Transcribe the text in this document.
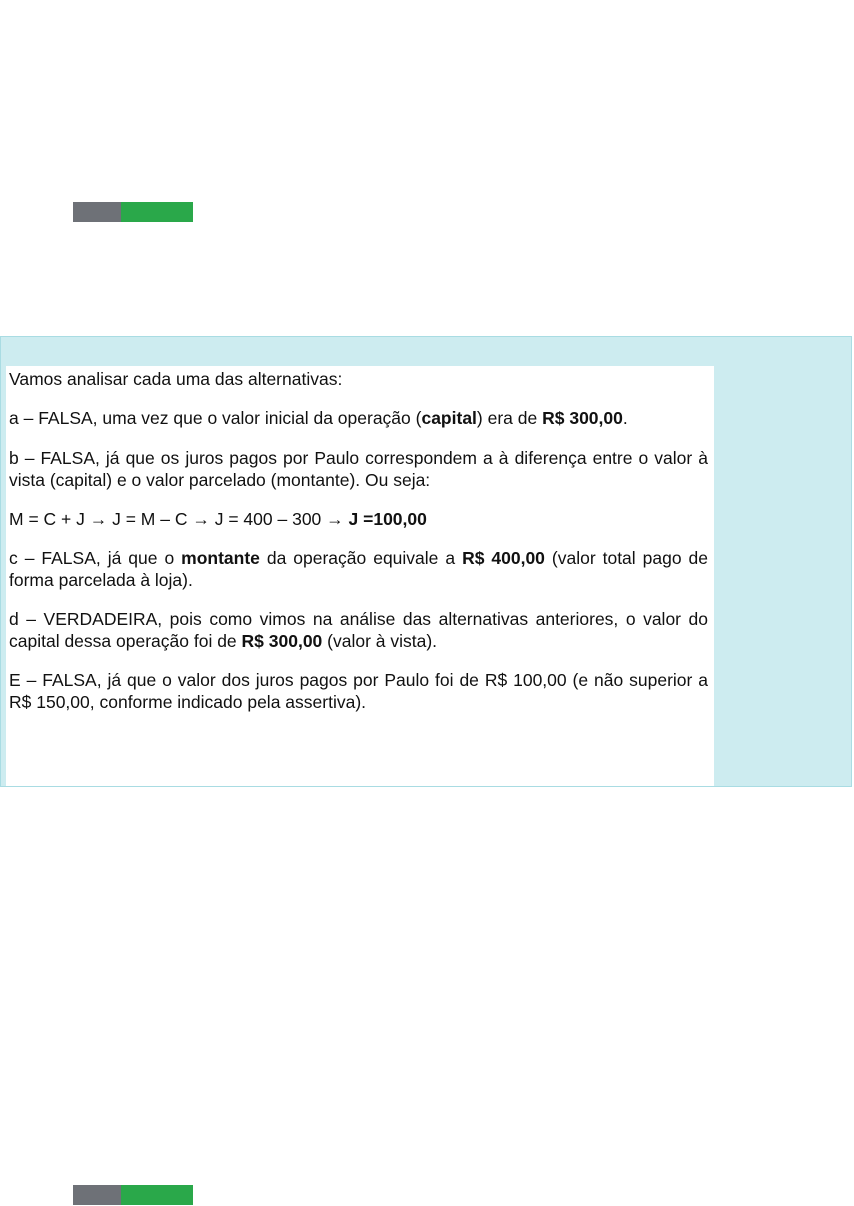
Vamos analisar cada uma das alternativas:

a – FALSA, uma vez que o valor inicial da operação (capital) era de R$ 300,00.

b – FALSA, já que os juros pagos por Paulo correspondem a à diferença entre o valor à vista (capital) e o valor parcelado (montante). Ou seja:

M = C + J → J = M – C → J = 400 – 300 → J =100,00

c – FALSA, já que o montante da operação equivale a R$ 400,00 (valor total pago de forma parcelada à loja).

d – VERDADEIRA, pois como vimos na análise das alternativas anteriores, o valor do capital dessa operação foi de R$ 300,00 (valor à vista).

E – FALSA, já que o valor dos juros pagos por Paulo foi de R$ 100,00 (e não superior a R$ 150,00, conforme indicado pela assertiva).
